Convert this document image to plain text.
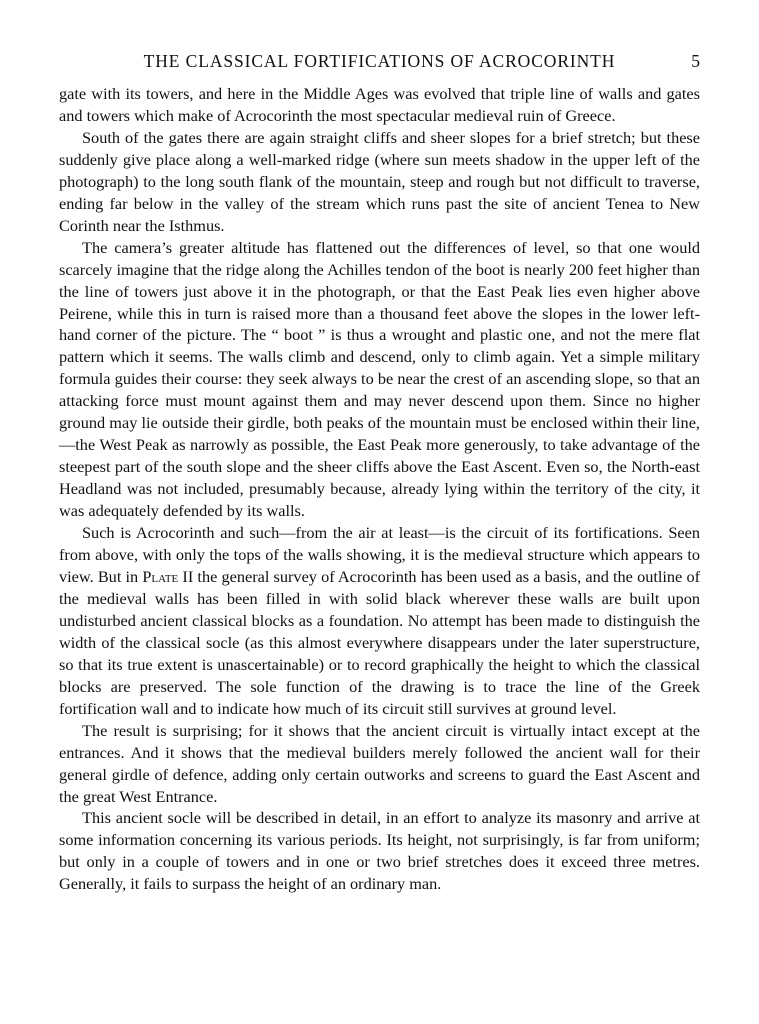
THE CLASSICAL FORTIFICATIONS OF ACROCORINTH	5

gate with its towers, and here in the Middle Ages was evolved that triple line of walls and gates and towers which make of Acrocorinth the most spectacular medieval ruin of Greece.

South of the gates there are again straight cliffs and sheer slopes for a brief stretch; but these suddenly give place along a well-marked ridge (where sun meets shadow in the upper left of the photograph) to the long south flank of the mountain, steep and rough but not difficult to traverse, ending far below in the valley of the stream which runs past the site of ancient Tenea to New Corinth near the Isthmus.

The camera’s greater altitude has flattened out the differences of level, so that one would scarcely imagine that the ridge along the Achilles tendon of the boot is nearly 200 feet higher than the line of towers just above it in the photograph, or that the East Peak lies even higher above Peirene, while this in turn is raised more than a thousand feet above the slopes in the lower left-hand corner of the picture. The “ boot ” is thus a wrought and plastic one, and not the mere flat pattern which it seems. The walls climb and descend, only to climb again. Yet a simple military formula guides their course: they seek always to be near the crest of an ascending slope, so that an attacking force must mount against them and may never descend upon them. Since no higher ground may lie outside their girdle, both peaks of the mountain must be enclosed within their line,—the West Peak as narrowly as possible, the East Peak more generously, to take advantage of the steepest part of the south slope and the sheer cliffs above the East Ascent. Even so, the North-east Headland was not included, presumably because, already lying within the territory of the city, it was adequately defended by its walls.

Such is Acrocorinth and such—from the air at least—is the circuit of its fortifications. Seen from above, with only the tops of the walls showing, it is the medieval structure which appears to view. But in Plate II the general survey of Acrocorinth has been used as a basis, and the outline of the medieval walls has been filled in with solid black wherever these walls are built upon undisturbed ancient classical blocks as a foundation. No attempt has been made to distinguish the width of the classical socle (as this almost everywhere disappears under the later superstructure, so that its true extent is unascertainable) or to record graphically the height to which the classical blocks are preserved. The sole function of the drawing is to trace the line of the Greek fortification wall and to indicate how much of its circuit still survives at ground level.

The result is surprising; for it shows that the ancient circuit is virtually intact except at the entrances. And it shows that the medieval builders merely followed the ancient wall for their general girdle of defence, adding only certain outworks and screens to guard the East Ascent and the great West Entrance.

This ancient socle will be described in detail, in an effort to analyze its masonry and arrive at some information concerning its various periods. Its height, not surprisingly, is far from uniform; but only in a couple of towers and in one or two brief stretches does it exceed three metres. Generally, it fails to surpass the height of an ordinary man.
